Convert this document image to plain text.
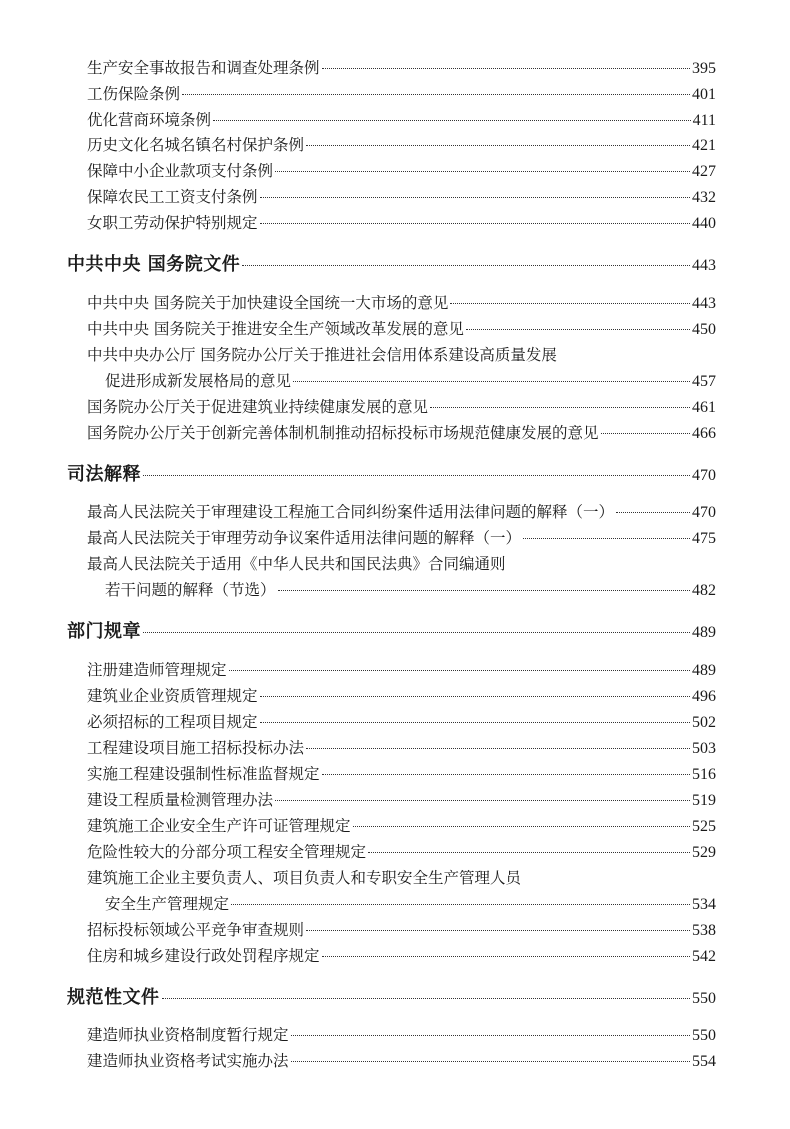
生产安全事故报告和调查处理条例	395
工伤保险条例	401
优化营商环境条例	411
历史文化名城名镇名村保护条例	421
保障中小企业款项支付条例	427
保障农民工工资支付条例	432
女职工劳动保护特别规定	440
中共中央 国务院文件	443
中共中央 国务院关于加快建设全国统一大市场的意见	443
中共中央 国务院关于推进安全生产领域改革发展的意见	450
中共中央办公厅 国务院办公厅关于推进社会信用体系建设高质量发展
促进形成新发展格局的意见	457
国务院办公厅关于促进建筑业持续健康发展的意见	461
国务院办公厅关于创新完善体制机制推动招标投标市场规范健康发展的意见	466
司法解释	470
最高人民法院关于审理建设工程施工合同纠纷案件适用法律问题的解释（一）	470
最高人民法院关于审理劳动争议案件适用法律问题的解释（一）	475
最高人民法院关于适用《中华人民共和国民法典》合同编通则
若干问题的解释（节选）	482
部门规章	489
注册建造师管理规定	489
建筑业企业资质管理规定	496
必须招标的工程项目规定	502
工程建设项目施工招标投标办法	503
实施工程建设强制性标准监督规定	516
建设工程质量检测管理办法	519
建筑施工企业安全生产许可证管理规定	525
危险性较大的分部分项工程安全管理规定	529
建筑施工企业主要负责人、项目负责人和专职安全生产管理人员
安全生产管理规定	534
招标投标领域公平竞争审查规则	538
住房和城乡建设行政处罚程序规定	542
规范性文件	550
建造师执业资格制度暂行规定	550
建造师执业资格考试实施办法	554
